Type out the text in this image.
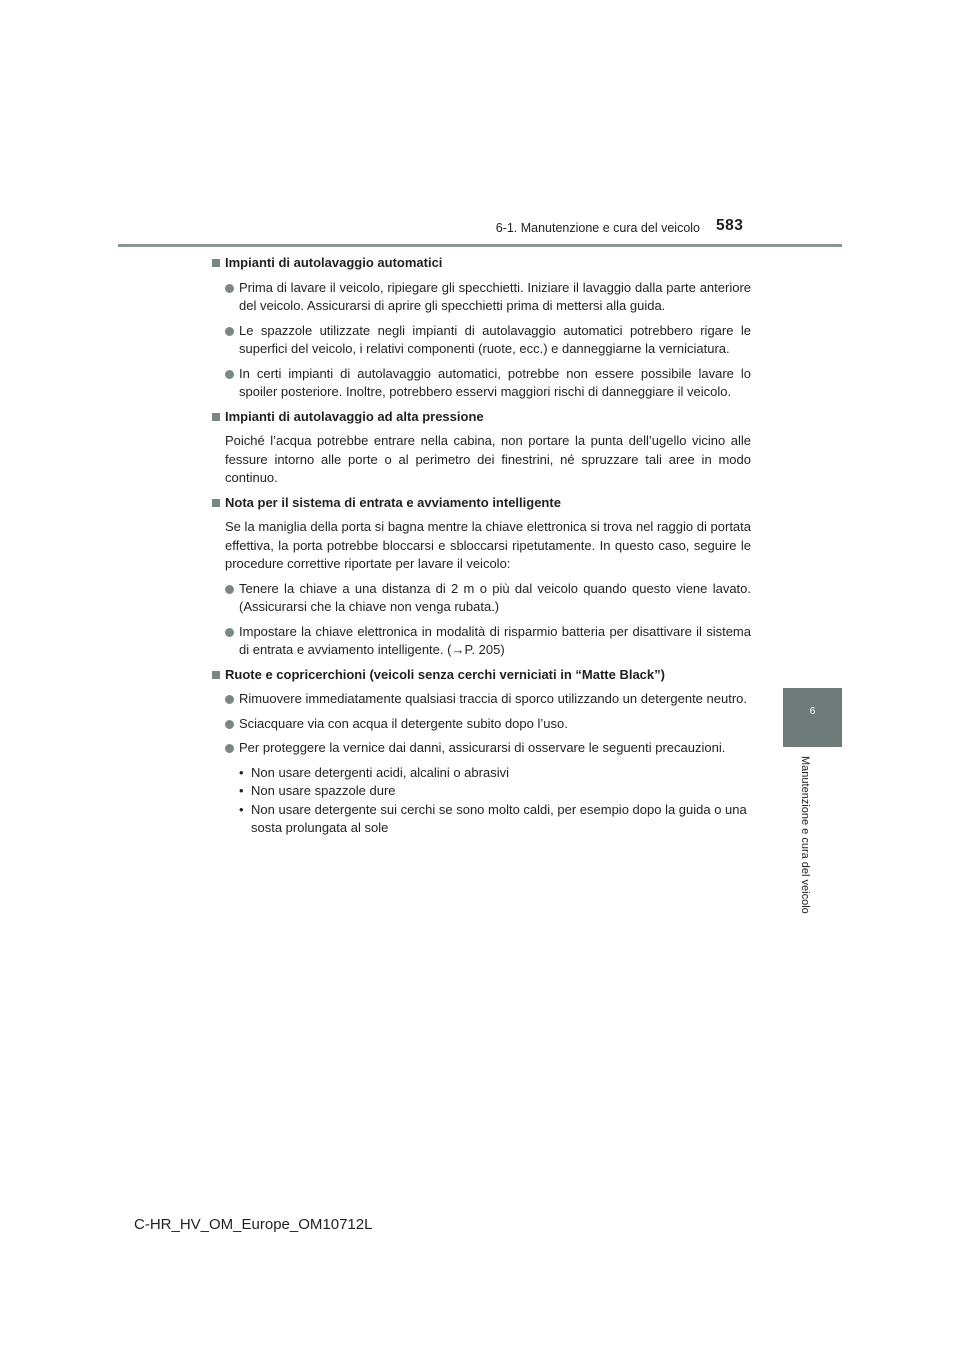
6-1. Manutenzione e cura del veicolo 583
6
Manutenzione e cura del veicolo
Impianti di autolavaggio automatici
Prima di lavare il veicolo, ripiegare gli specchietti. Iniziare il lavaggio dalla parte anteriore del veicolo. Assicurarsi di aprire gli specchietti prima di mettersi alla guida.
Le spazzole utilizzate negli impianti di autolavaggio automatici potrebbero rigare le superfici del veicolo, i relativi componenti (ruote, ecc.) e danneggiarne la verniciatura.
In certi impianti di autolavaggio automatici, potrebbe non essere possibile lavare lo spoiler posteriore. Inoltre, potrebbero esservi maggiori rischi di danneggiare il veicolo.
Impianti di autolavaggio ad alta pressione
Poiché l’acqua potrebbe entrare nella cabina, non portare la punta dell’ugello vicino alle fessure intorno alle porte o al perimetro dei finestrini, né spruzzare tali aree in modo continuo.
Nota per il sistema di entrata e avviamento intelligente
Se la maniglia della porta si bagna mentre la chiave elettronica si trova nel raggio di portata effettiva, la porta potrebbe bloccarsi e sbloccarsi ripetutamente. In questo caso, seguire le procedure correttive riportate per lavare il veicolo:
Tenere la chiave a una distanza di 2 m o più dal veicolo quando questo viene lavato. (Assicurarsi che la chiave non venga rubata.)
Impostare la chiave elettronica in modalità di risparmio batteria per disattivare il sistema di entrata e avviamento intelligente. (→P. 205)
Ruote e copricerchioni (veicoli senza cerchi verniciati in “Matte Black”)
Rimuovere immediatamente qualsiasi traccia di sporco utilizzando un detergente neutro.
Sciacquare via con acqua il detergente subito dopo l’uso.
Per proteggere la vernice dai danni, assicurarsi di osservare le seguenti precauzioni.
• Non usare detergenti acidi, alcalini o abrasivi
• Non usare spazzole dure
• Non usare detergente sui cerchi se sono molto caldi, per esempio dopo la guida o una sosta prolungata al sole
C-HR_HV_OM_Europe_OM10712L
